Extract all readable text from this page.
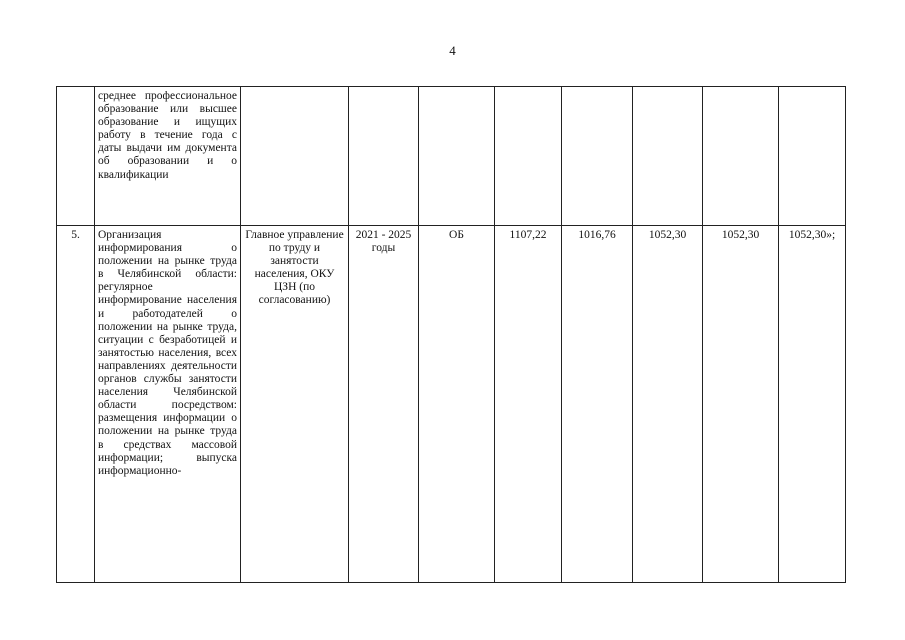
4
	среднее профессиональное образование или высшее образование и ищущих работу в течение года с даты выдачи им документа об образовании и о квалификации								
5.	Организация информирования о положении на рынке труда в Челябинской области: регулярное информирование населения и работодателей о положении на рынке труда, ситуации с безработицей и занятостью населения, всех направлениях деятельности органов службы занятости населения Челябинской области посредством: размещения информации о положении на рынке труда в средствах массовой информации; выпуска информационно-	Главное управление по труду и занятости населения, ОКУ ЦЗН (по согласованию)	2021 - 2025 годы	ОБ	1107,22	1016,76	1052,30	1052,30	1052,30»;
